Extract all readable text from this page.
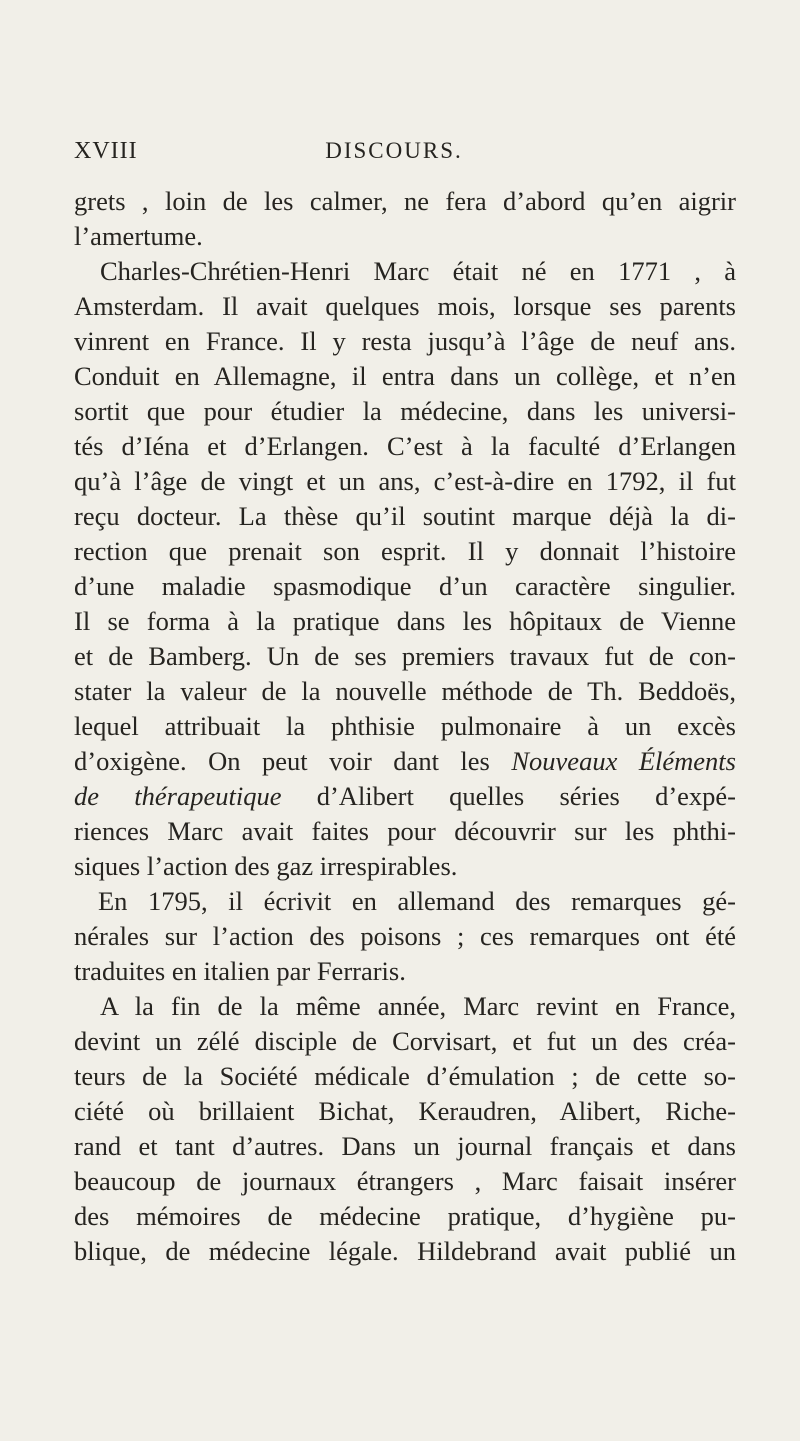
XVIII	DISCOURS.
grets , loin de les calmer, ne fera d’abord qu’en aigrir
l’amertume.
Charles-Chrétien-Henri Marc était né en 1771 , à
Amsterdam. Il avait quelques mois, lorsque ses parents
vinrent en France. Il y resta jusqu’à l’âge de neuf ans.
Conduit en Allemagne, il entra dans un collège, et n’en
sortit que pour étudier la médecine, dans les universi-
tés d’Iéna et d’Erlangen. C’est à la faculté d’Erlangen
qu’à l’âge de vingt et un ans, c’est-à-dire en 1792, il fut
reçu docteur. La thèse qu’il soutint marque déjà la di-
rection que prenait son esprit. Il y donnait l’histoire
d’une maladie spasmodique d’un caractère singulier.
Il se forma à la pratique dans les hôpitaux de Vienne
et de Bamberg. Un de ses premiers travaux fut de con-
stater la valeur de la nouvelle méthode de Th. Beddoës,
lequel attribuait la phthisie pulmonaire à un excès
d’oxigène. On peut voir dant les Nouveaux Éléments
de thérapeutique d’Alibert quelles séries d’expé-
riences Marc avait faites pour découvrir sur les phthi-
siques l’action des gaz irrespirables.
En 1795, il écrivit en allemand des remarques gé-
nérales sur l’action des poisons ; ces remarques ont été
traduites en italien par Ferraris.
A la fin de la même année, Marc revint en France,
devint un zélé disciple de Corvisart, et fut un des créa-
teurs de la Société médicale d’émulation ; de cette so-
ciété où brillaient Bichat, Keraudren, Alibert, Riche-
rand et tant d’autres. Dans un journal français et dans
beaucoup de journaux étrangers , Marc faisait insérer
des mémoires de médecine pratique, d’hygiène pu-
blique, de médecine légale. Hildebrand avait publié un
